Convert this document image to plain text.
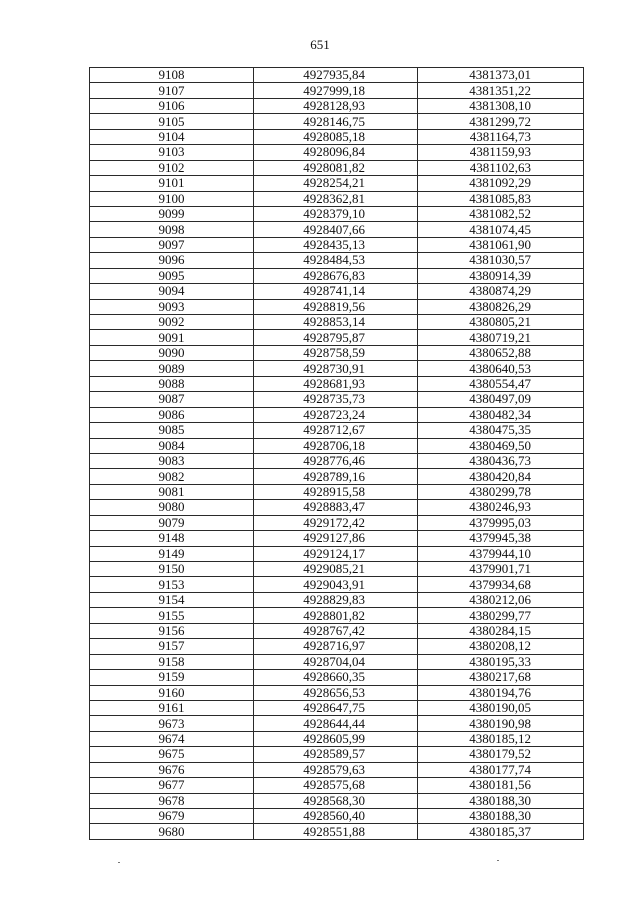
651
9108	4927935,84	4381373,01
9107	4927999,18	4381351,22
9106	4928128,93	4381308,10
9105	4928146,75	4381299,72
9104	4928085,18	4381164,73
9103	4928096,84	4381159,93
9102	4928081,82	4381102,63
9101	4928254,21	4381092,29
9100	4928362,81	4381085,83
9099	4928379,10	4381082,52
9098	4928407,66	4381074,45
9097	4928435,13	4381061,90
9096	4928484,53	4381030,57
9095	4928676,83	4380914,39
9094	4928741,14	4380874,29
9093	4928819,56	4380826,29
9092	4928853,14	4380805,21
9091	4928795,87	4380719,21
9090	4928758,59	4380652,88
9089	4928730,91	4380640,53
9088	4928681,93	4380554,47
9087	4928735,73	4380497,09
9086	4928723,24	4380482,34
9085	4928712,67	4380475,35
9084	4928706,18	4380469,50
9083	4928776,46	4380436,73
9082	4928789,16	4380420,84
9081	4928915,58	4380299,78
9080	4928883,47	4380246,93
9079	4929172,42	4379995,03
9148	4929127,86	4379945,38
9149	4929124,17	4379944,10
9150	4929085,21	4379901,71
9153	4929043,91	4379934,68
9154	4928829,83	4380212,06
9155	4928801,82	4380299,77
9156	4928767,42	4380284,15
9157	4928716,97	4380208,12
9158	4928704,04	4380195,33
9159	4928660,35	4380217,68
9160	4928656,53	4380194,76
9161	4928647,75	4380190,05
9673	4928644,44	4380190,98
9674	4928605,99	4380185,12
9675	4928589,57	4380179,52
9676	4928579,63	4380177,74
9677	4928575,68	4380181,56
9678	4928568,30	4380188,30
9679	4928560,40	4380188,30
9680	4928551,88	4380185,37
